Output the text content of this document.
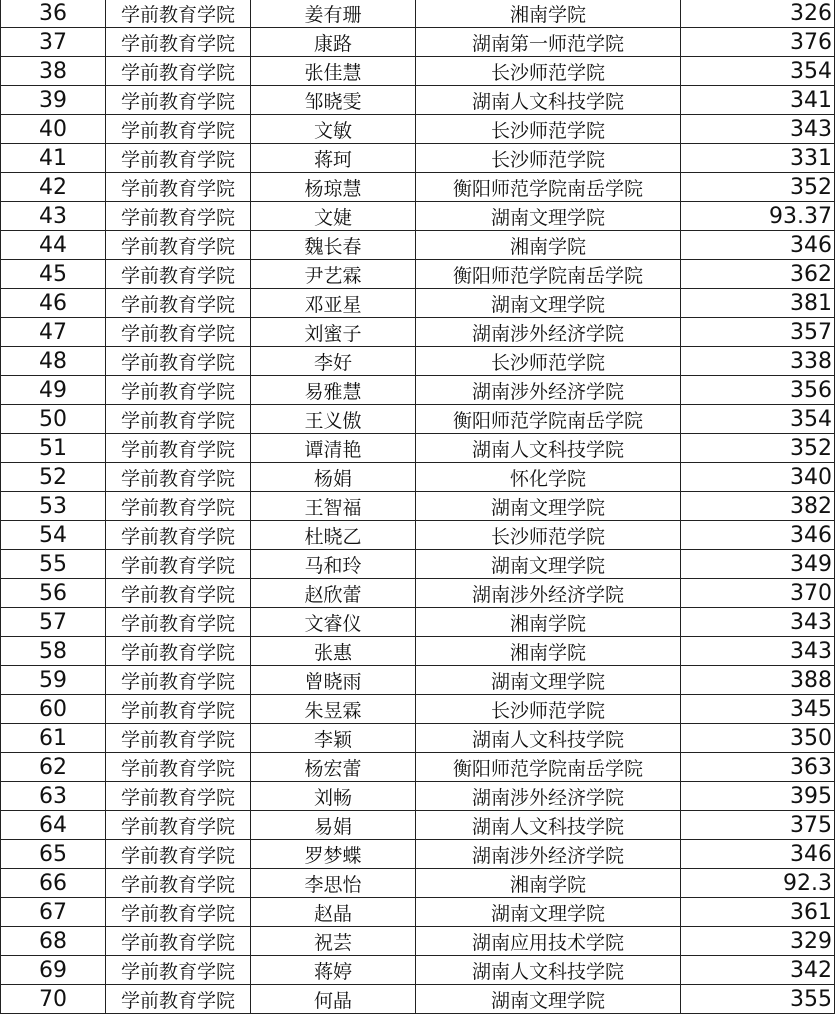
36	学前教育学院	姜有珊	湘南学院	326
37	学前教育学院	康路	湖南第一师范学院	376
38	学前教育学院	张佳慧	长沙师范学院	354
39	学前教育学院	邹晓雯	湖南人文科技学院	341
40	学前教育学院	文敏	长沙师范学院	343
41	学前教育学院	蒋珂	长沙师范学院	331
42	学前教育学院	杨琼慧	衡阳师范学院南岳学院	352
43	学前教育学院	文婕	湖南文理学院	93.37
44	学前教育学院	魏长春	湘南学院	346
45	学前教育学院	尹艺霖	衡阳师范学院南岳学院	362
46	学前教育学院	邓亚星	湖南文理学院	381
47	学前教育学院	刘蜜子	湖南涉外经济学院	357
48	学前教育学院	李好	长沙师范学院	338
49	学前教育学院	易雅慧	湖南涉外经济学院	356
50	学前教育学院	王义傲	衡阳师范学院南岳学院	354
51	学前教育学院	谭清艳	湖南人文科技学院	352
52	学前教育学院	杨娟	怀化学院	340
53	学前教育学院	王智福	湖南文理学院	382
54	学前教育学院	杜晓乙	长沙师范学院	346
55	学前教育学院	马和玲	湖南文理学院	349
56	学前教育学院	赵欣蕾	湖南涉外经济学院	370
57	学前教育学院	文睿仪	湘南学院	343
58	学前教育学院	张惠	湘南学院	343
59	学前教育学院	曾晓雨	湖南文理学院	388
60	学前教育学院	朱昱霖	长沙师范学院	345
61	学前教育学院	李颖	湖南人文科技学院	350
62	学前教育学院	杨宏蕾	衡阳师范学院南岳学院	363
63	学前教育学院	刘畅	湖南涉外经济学院	395
64	学前教育学院	易娟	湖南人文科技学院	375
65	学前教育学院	罗梦蝶	湖南涉外经济学院	346
66	学前教育学院	李思怡	湘南学院	92.3
67	学前教育学院	赵晶	湖南文理学院	361
68	学前教育学院	祝芸	湖南应用技术学院	329
69	学前教育学院	蒋婷	湖南人文科技学院	342
70	学前教育学院	何晶	湖南文理学院	355
